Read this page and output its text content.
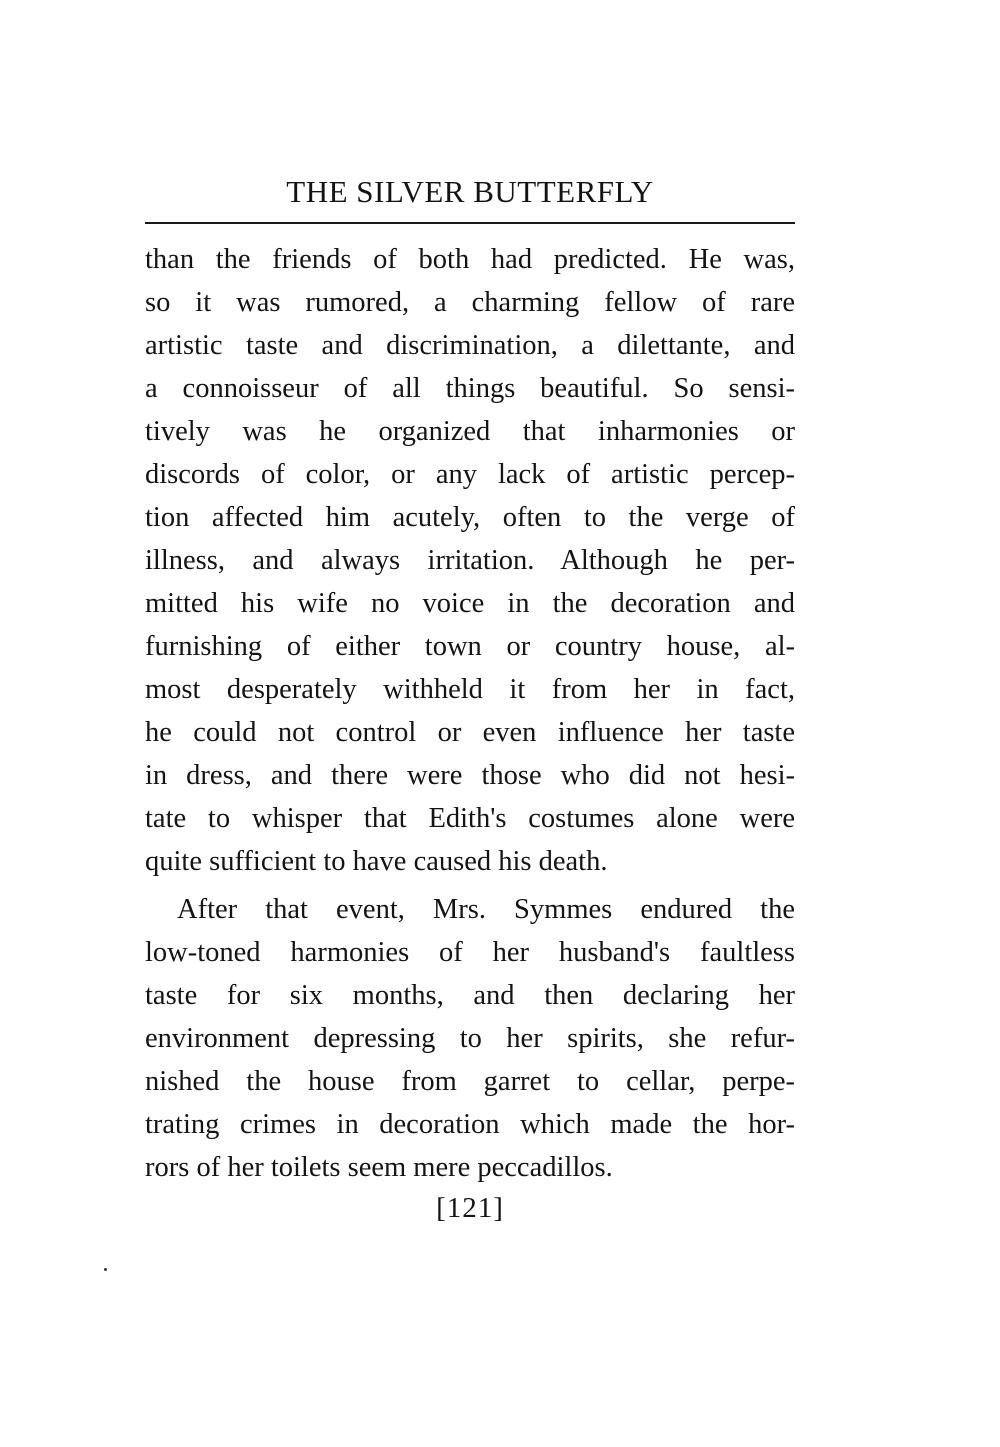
THE SILVER BUTTERFLY
than the friends of both had predicted. He was,
so it was rumored, a charming fellow of rare
artistic taste and discrimination, a dilettante, and
a connoisseur of all things beautiful. So sensi-
tively was he organized that inharmonies or
discords of color, or any lack of artistic percep-
tion affected him acutely, often to the verge of
illness, and always irritation. Although he per-
mitted his wife no voice in the decoration and
furnishing of either town or country house, al-
most desperately withheld it from her in fact,
he could not control or even influence her taste
in dress, and there were those who did not hesi-
tate to whisper that Edith's costumes alone were
quite sufficient to have caused his death.
After that event, Mrs. Symmes endured the
low-toned harmonies of her husband's faultless
taste for six months, and then declaring her
environment depressing to her spirits, she refur-
nished the house from garret to cellar, perpe-
trating crimes in decoration which made the hor-
rors of her toilets seem mere peccadillos.
[121]
